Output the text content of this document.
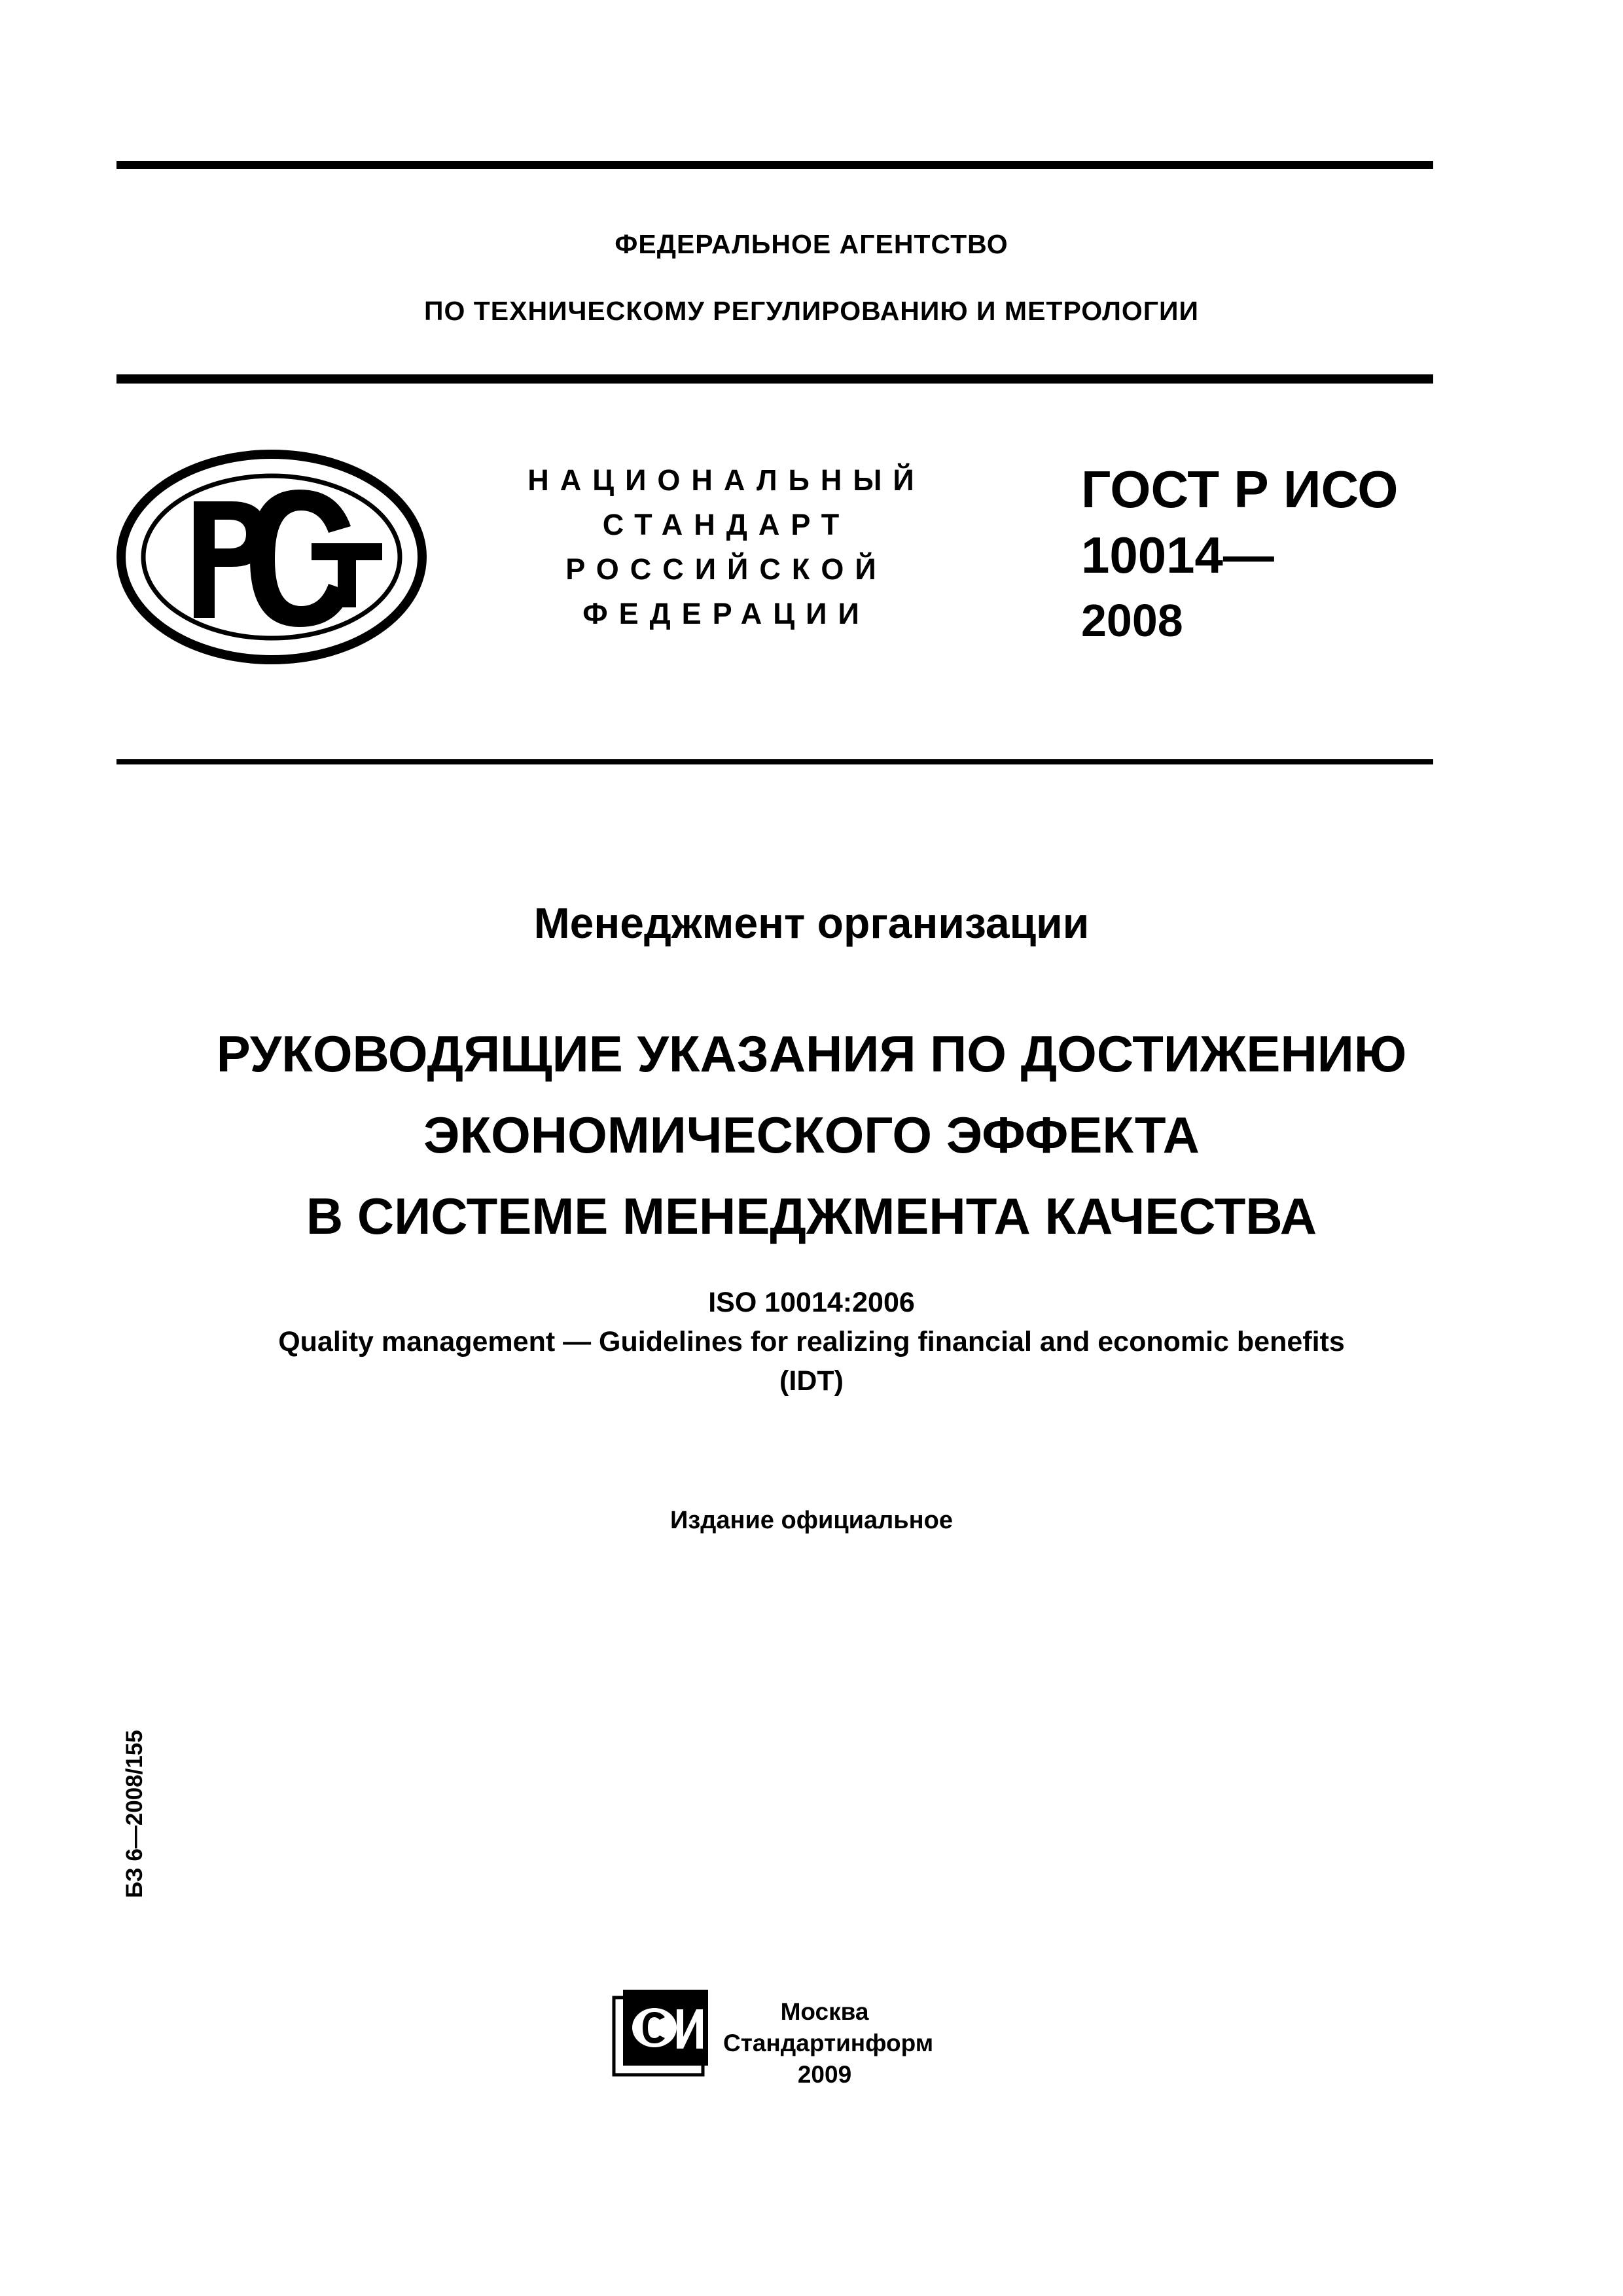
ФЕДЕРАЛЬНОЕ АГЕНТСТВО
ПО ТЕХНИЧЕСКОМУ РЕГУЛИРОВАНИЮ И МЕТРОЛОГИИ
НАЦИОНАЛЬНЫЙ
СТАНДАРТ
РОССИЙСКОЙ
ФЕДЕРАЦИИ
ГОСТ Р ИСО
10014—
2008
Менеджмент организации
РУКОВОДЯЩИЕ УКАЗАНИЯ ПО ДОСТИЖЕНИЮ
ЭКОНОМИЧЕСКОГО ЭФФЕКТА
В СИСТЕМЕ МЕНЕДЖМЕНТА КАЧЕСТВА
ISO 10014:2006
Quality management — Guidelines for realizing financial and economic benefits
(IDT)
Издание официальное
БЗ 6—2008/155
Москва
Стандартинформ
2009
